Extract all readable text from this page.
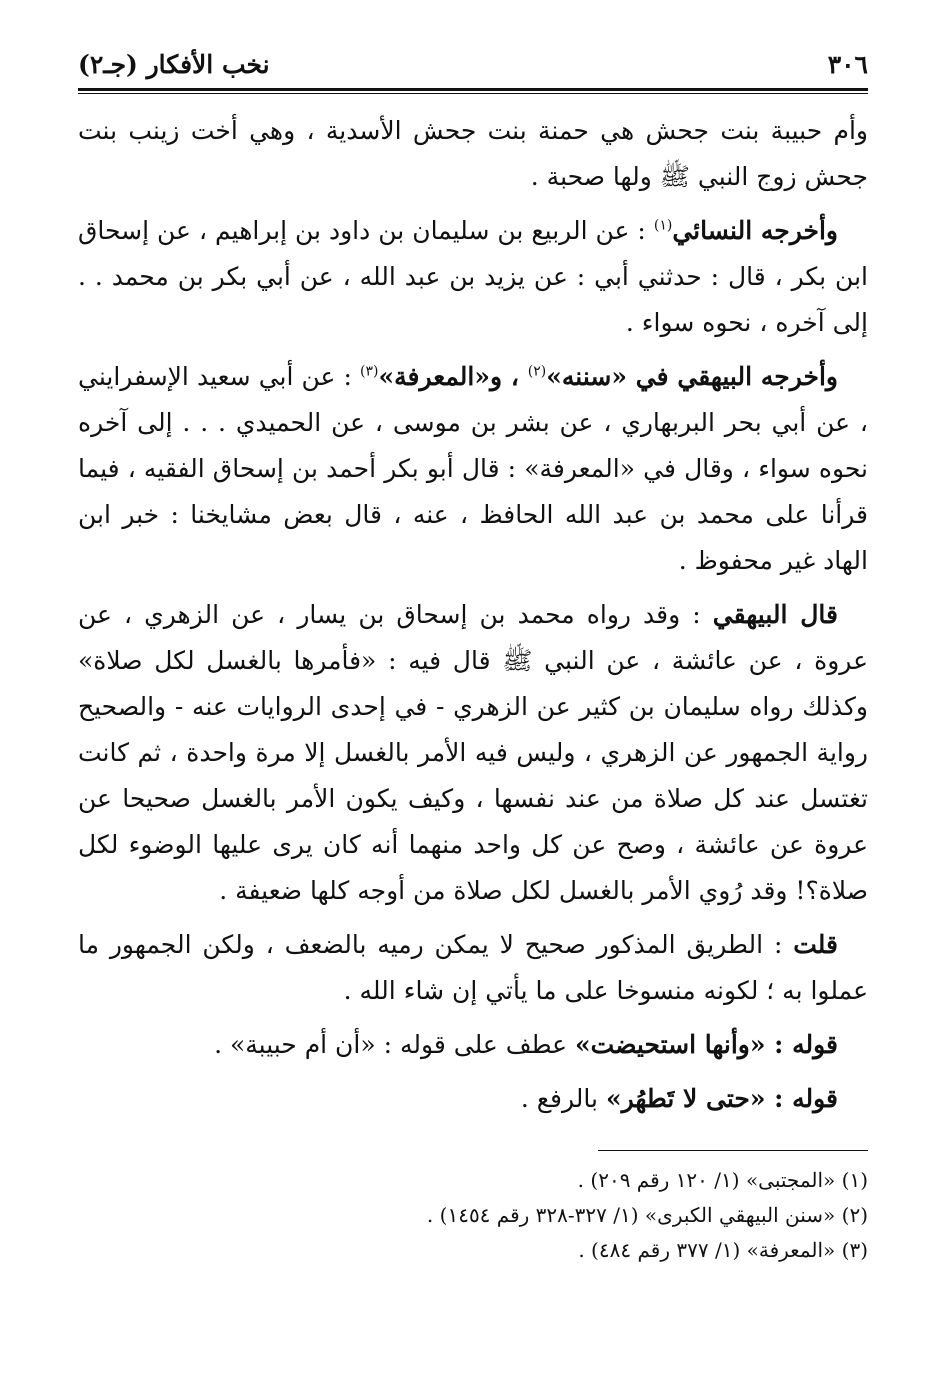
٣٠٦
نخب الأفكار (جـ٢)

وأم حبيبة بنت جحش هي حمنة بنت جحش الأسدية ، وهي أخت زينب بنت جحش زوج النبي ﷺ ولها صحبة .

وأخرجه النسائي$^{(١)}$ : عن الربيع بن سليمان بن داود بن إبراهيم ، عن إسحاق ابن بكر ، قال : حدثني أبي : عن يزيد بن عبد الله ، عن أبي بكر بن محمد . . إلى آخره ، نحوه سواء .

وأخرجه البيهقي في «سننه»$^{(٢)}$ ، و«المعرفة»$^{(٣)}$ : عن أبي سعيد الإسفرايني ، عن أبي بحر البربهاري ، عن بشر بن موسى ، عن الحميدي . . . إلى آخره نحوه سواء ، وقال في «المعرفة» : قال أبو بكر أحمد بن إسحاق الفقيه ، فيما قرأنا على محمد بن عبد الله الحافظ ، عنه ، قال بعض مشايخنا : خبر ابن الهاد غير محفوظ .

قال البيهقي : وقد رواه محمد بن إسحاق بن يسار ، عن الزهري ، عن عروة ، عن عائشة ، عن النبي ﷺ قال فيه : «فأمرها بالغسل لكل صلاة» وكذلك رواه سليمان بن كثير عن الزهري - في إحدى الروايات عنه - والصحيح رواية الجمهور عن الزهري ، وليس فيه الأمر بالغسل إلا مرة واحدة ، ثم كانت تغتسل عند كل صلاة من عند نفسها ، وكيف يكون الأمر بالغسل صحيحا عن عروة عن عائشة ، وصح عن كل واحد منهما أنه كان يرى عليها الوضوء لكل صلاة؟! وقد رُوي الأمر بالغسل لكل صلاة من أوجه كلها ضعيفة .

قلت : الطريق المذكور صحيح لا يمكن رميه بالضعف ، ولكن الجمهور ما عملوا به ؛ لكونه منسوخا على ما يأتي إن شاء الله .

قوله : «وأنها استحيضت» عطف على قوله : «أن أم حبيبة» .

قوله : «حتى لا تَطهُر» بالرفع .

(١) «المجتبى» (١/ ١٢٠ رقم ٢٠٩) .

(٢) «سنن البيهقي الكبرى» (١/ ٣٢٧-٣٢٨ رقم ١٤٥٤) .

(٣) «المعرفة» (١/ ٣٧٧ رقم ٤٨٤) .
